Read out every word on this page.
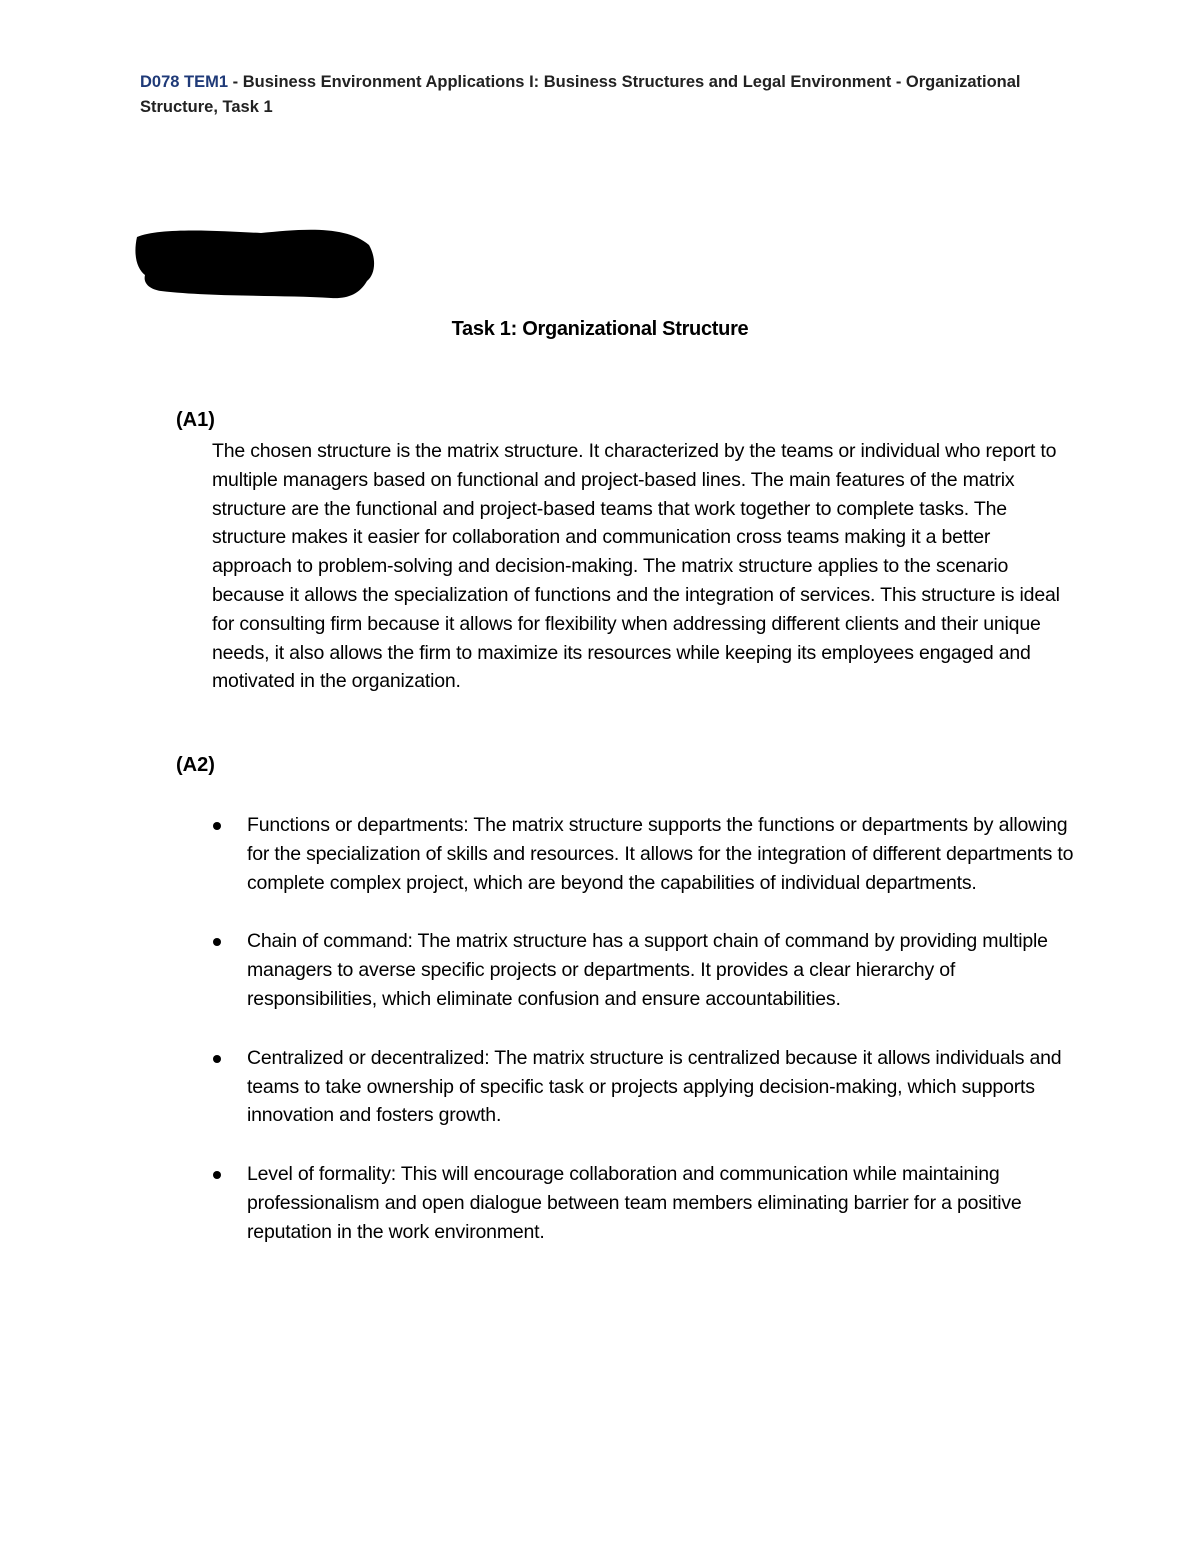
D078 TEM1 - Business Environment Applications I: Business Structures and Legal Environment - Organizational Structure, Task 1
Task 1: Organizational Structure
(A1)
The chosen structure is the matrix structure. It characterized by the teams or individual who report to multiple managers based on functional and project-based lines. The main features of the matrix structure are the functional and project-based teams that work together to complete tasks. The structure makes it easier for collaboration and communication cross teams making it a better approach to problem-solving and decision-making. The matrix structure applies to the scenario because it allows the specialization of functions and the integration of services. This structure is ideal for consulting firm because it allows for flexibility when addressing different clients and their unique needs, it also allows the firm to maximize its resources while keeping its employees engaged and motivated in the organization.
(A2)
Functions or departments: The matrix structure supports the functions or departments by allowing for the specialization of skills and resources. It allows for the integration of different departments to complete complex project, which are beyond the capabilities of individual departments.
Chain of command: The matrix structure has a support chain of command by providing multiple managers to averse specific projects or departments. It provides a clear hierarchy of responsibilities, which eliminate confusion and ensure accountabilities.
Centralized or decentralized: The matrix structure is centralized because it allows individuals and teams to take ownership of specific task or projects applying decision-making, which supports innovation and fosters growth.
Level of formality: This will encourage collaboration and communication while maintaining professionalism and open dialogue between team members eliminating barrier for a positive reputation in the work environment.
